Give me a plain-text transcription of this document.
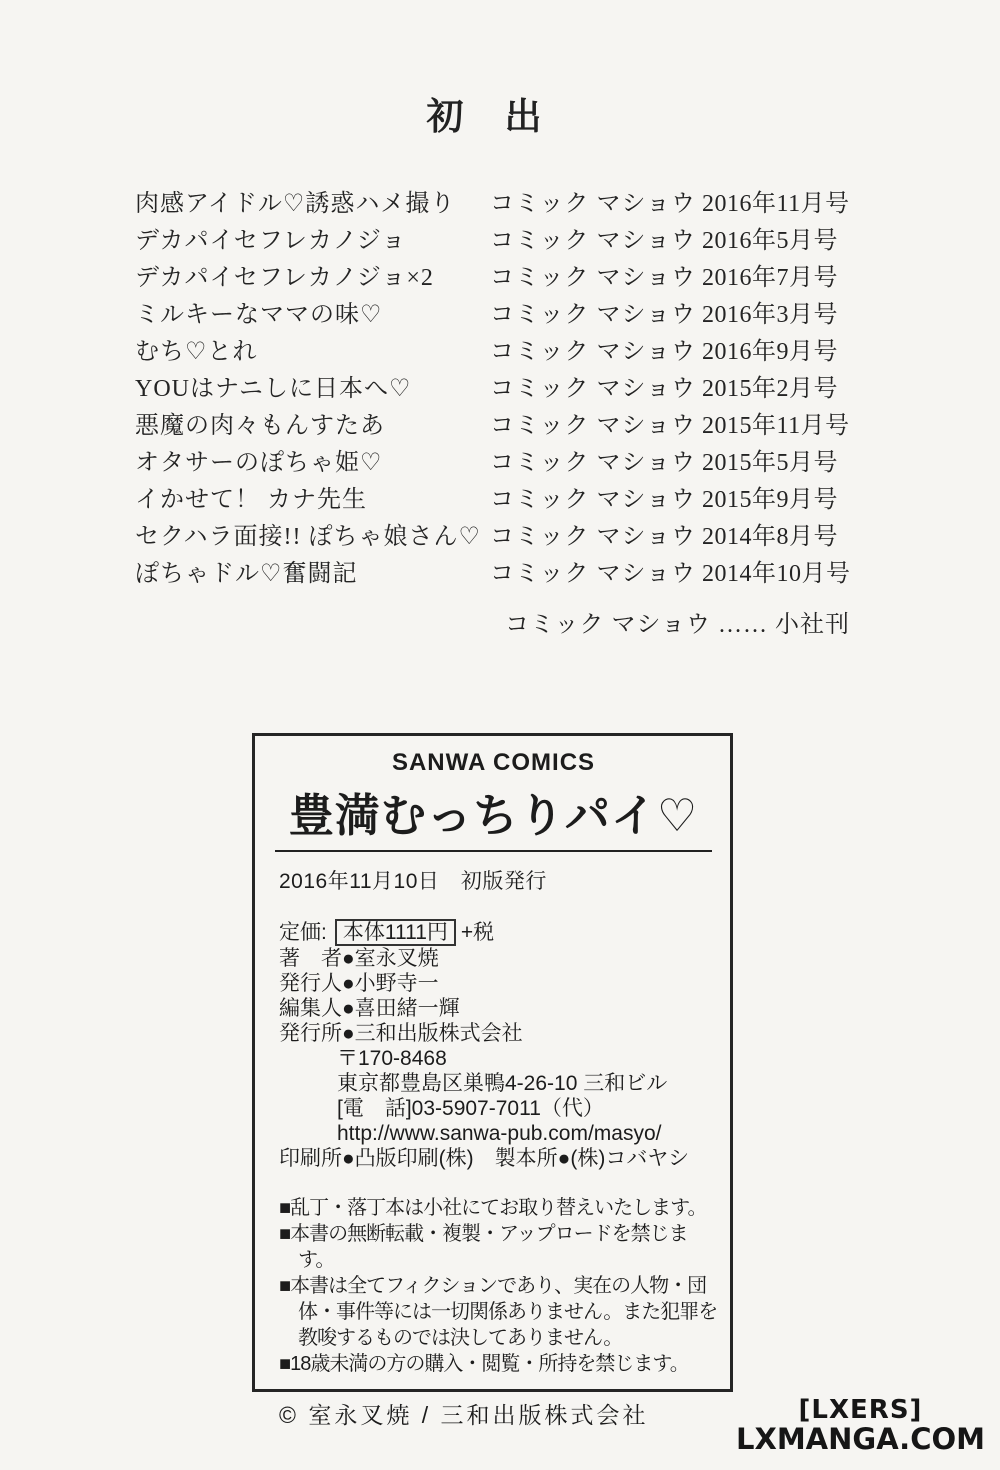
初　出
肉感アイドル♡誘惑ハメ撮り	コミック マショウ 2016年11月号
デカパイセフレカノジョ	コミック マショウ 2016年5月号
デカパイセフレカノジョ×2	コミック マショウ 2016年7月号
ミルキーなママの味♡	コミック マショウ 2016年3月号
むち♡とれ	コミック マショウ 2016年9月号
YOUはナニしに日本へ♡	コミック マショウ 2015年2月号
悪魔の肉々もんすたあ	コミック マショウ 2015年11月号
オタサーのぽちゃ姫♡	コミック マショウ 2015年5月号
イかせて！ カナ先生	コミック マショウ 2015年9月号
セクハラ面接!! ぽちゃ娘さん♡ コミック マショウ 2014年8月号
ぽちゃドル♡奮闘記	コミック マショウ 2014年10月号
コミック マショウ …… 小社刊
SANWA COMICS
豊満むっちりパイ♡
2016年11月10日　初版発行
定価: 本体1111円 +税
著　者●室永叉焼
発行人●小野寺一
編集人●喜田緒一輝
発行所●三和出版株式会社
〒170-8468
東京都豊島区巣鴨4-26-10 三和ビル
[電　話]03-5907-7011（代）
http://www.sanwa-pub.com/masyo/
印刷所●凸版印刷(株)　製本所●(株)コバヤシ
■乱丁・落丁本は小社にてお取り替えいたします。
■本書の無断転載・複製・アップロードを禁じます。
■本書は全てフィクションであり、実在の人物・団体・事件等には一切関係ありません。また犯罪を教唆するものでは決してありません。
■18歳未満の方の購入・閲覧・所持を禁じます。
© 室永叉焼 / 三和出版株式会社	[LXERS]
LXMANGA.COM
